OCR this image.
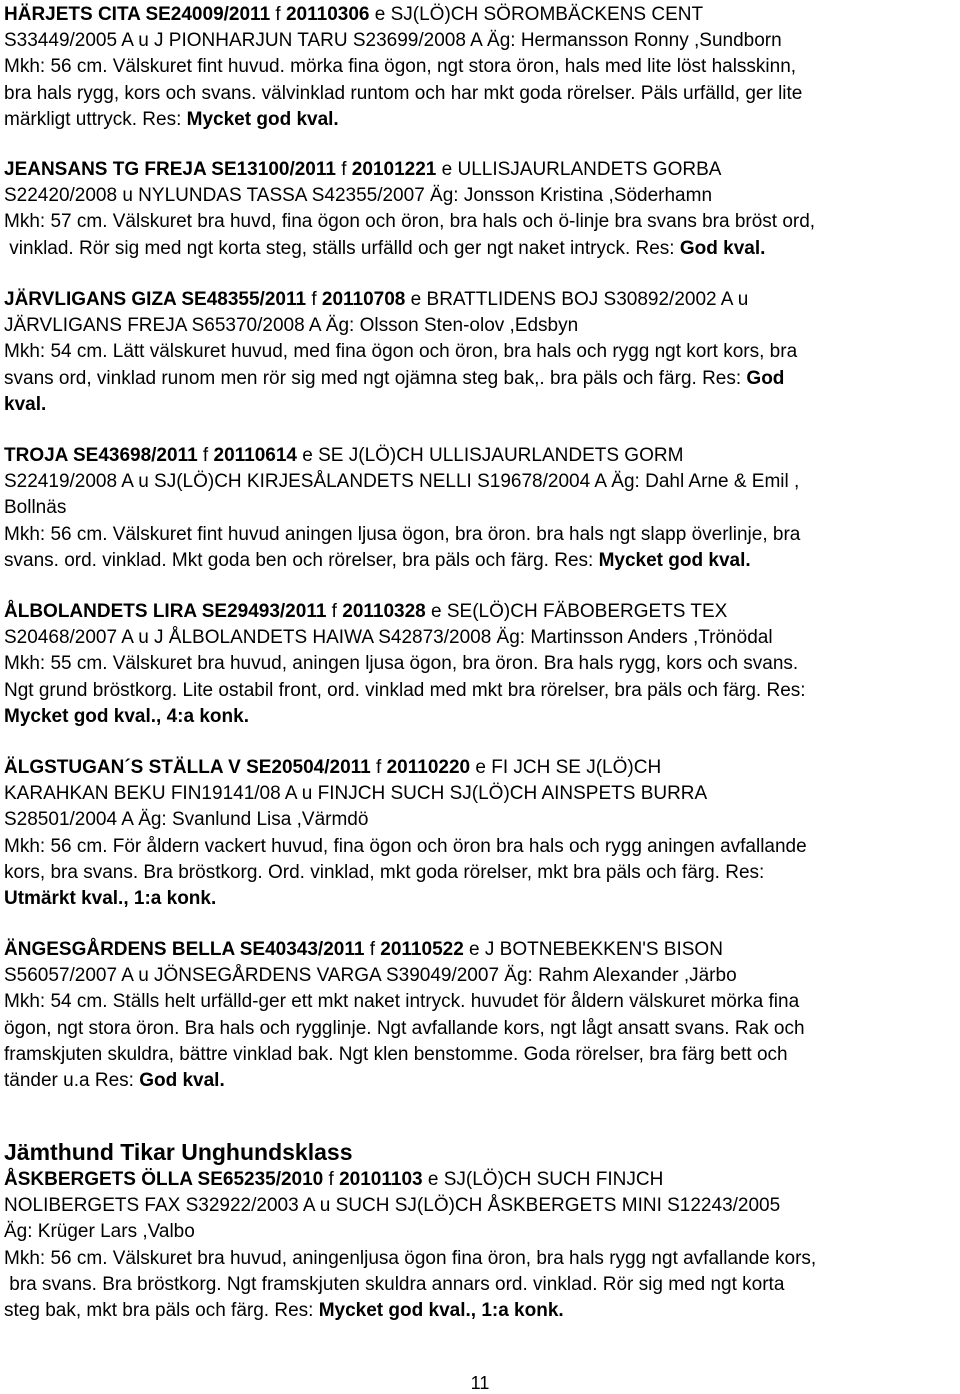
HÄRJETS CITA SE24009/2011 f 20110306 e SJ(LÖ)CH SÖROMBÄCKENS CENT
S33449/2005 A u J PIONHARJUN TARU S23699/2008 A Äg: Hermansson Ronny ,Sundborn
Mkh: 56 cm. Välskuret fint huvud. mörka fina ögon, ngt stora öron, hals med lite löst halsskinn,
bra hals rygg, kors och svans. välvinklad runtom och har mkt goda rörelser. Päls urfälld, ger lite
märkligt uttryck. Res: Mycket god kval.
JEANSANS TG FREJA SE13100/2011 f 20101221 e ULLISJAURLANDETS GORBA
S22420/2008 u NYLUNDAS TASSA S42355/2007 Äg: Jonsson Kristina ,Söderhamn
Mkh: 57 cm. Välskuret bra huvd, fina ögon och öron, bra hals och ö-linje bra svans bra bröst ord,
vinklad. Rör sig med ngt korta steg, ställs urfälld och ger ngt naket intryck. Res: God kval.
JÄRVLIGANS GIZA SE48355/2011 f 20110708 e BRATTLIDENS BOJ S30892/2002 A u
JÄRVLIGANS FREJA S65370/2008 A Äg: Olsson Sten-olov ,Edsbyn
Mkh: 54 cm. Lätt välskuret huvud, med fina ögon och öron, bra hals och rygg ngt kort kors, bra
svans ord, vinklad runom men rör sig med ngt ojämna steg bak,. bra päls och färg. Res: God
kval.
TROJA SE43698/2011 f 20110614 e SE J(LÖ)CH ULLISJAURLANDETS GORM
S22419/2008 A u SJ(LÖ)CH KIRJESÅLANDETS NELLI S19678/2004 A Äg: Dahl Arne & Emil ,
Bollnäs
Mkh: 56 cm. Välskuret fint huvud aningen ljusa ögon, bra öron. bra hals ngt slapp överlinje, bra
svans. ord. vinklad. Mkt goda ben och rörelser, bra päls och färg. Res: Mycket god kval.
ÅLBOLANDETS LIRA SE29493/2011 f 20110328 e SE(LÖ)CH FÄBOBERGETS TEX
S20468/2007 A u J ÅLBOLANDETS HAIWA S42873/2008 Äg: Martinsson Anders ,Trönödal
Mkh: 55 cm. Välskuret bra huvud, aningen ljusa ögon, bra öron. Bra hals rygg, kors och svans.
Ngt grund bröstkorg. Lite ostabil front, ord. vinklad med mkt bra rörelser, bra päls och färg. Res:
Mycket god kval., 4:a konk.
ÄLGSTUGAN´S STÄLLA V SE20504/2011 f 20110220 e FI JCH SE J(LÖ)CH
KARAHKAN BEKU FIN19141/08 A u FINJCH SUCH SJ(LÖ)CH AINSPETS BURRA
S28501/2004 A Äg: Svanlund Lisa ,Värmdö
Mkh: 56 cm. För åldern vackert huvud, fina ögon och öron bra hals och rygg aningen avfallande
kors, bra svans. Bra bröstkorg. Ord. vinklad, mkt goda rörelser, mkt bra päls och färg. Res:
Utmärkt kval., 1:a konk.
ÄNGESGÅRDENS BELLA SE40343/2011 f 20110522 e J BOTNEBEKKEN'S BISON
S56057/2007 A u JÖNSEGÅRDENS VARGA S39049/2007 Äg: Rahm Alexander ,Järbo
Mkh: 54 cm. Ställs helt urfälld-ger ett mkt naket intryck. huvudet för åldern välskuret mörka fina
ögon, ngt stora öron. Bra hals och rygglinje. Ngt avfallande kors, ngt lågt ansatt svans. Rak och
framskjuten skuldra, bättre vinklad bak. Ngt klen benstomme. Goda rörelser, bra färg bett och
tänder u.a Res: God kval.
ÅSKBERGETS ÖLLA SE65235/2010 f 20101103 e SJ(LÖ)CH SUCH FINJCH
NOLIBERGETS FAX S32922/2003 A u SUCH SJ(LÖ)CH ÅSKBERGETS MINI S12243/2005
Äg: Krüger Lars ,Valbo
Mkh: 56 cm. Välskuret bra huvud, aningenljusa ögon fina öron, bra hals rygg ngt avfallande kors,
bra svans. Bra bröstkorg. Ngt framskjuten skuldra annars ord. vinklad. Rör sig med ngt korta
steg bak, mkt bra päls och färg. Res: Mycket god kval., 1:a konk.
Jämthund Tikar Unghundsklass
11
